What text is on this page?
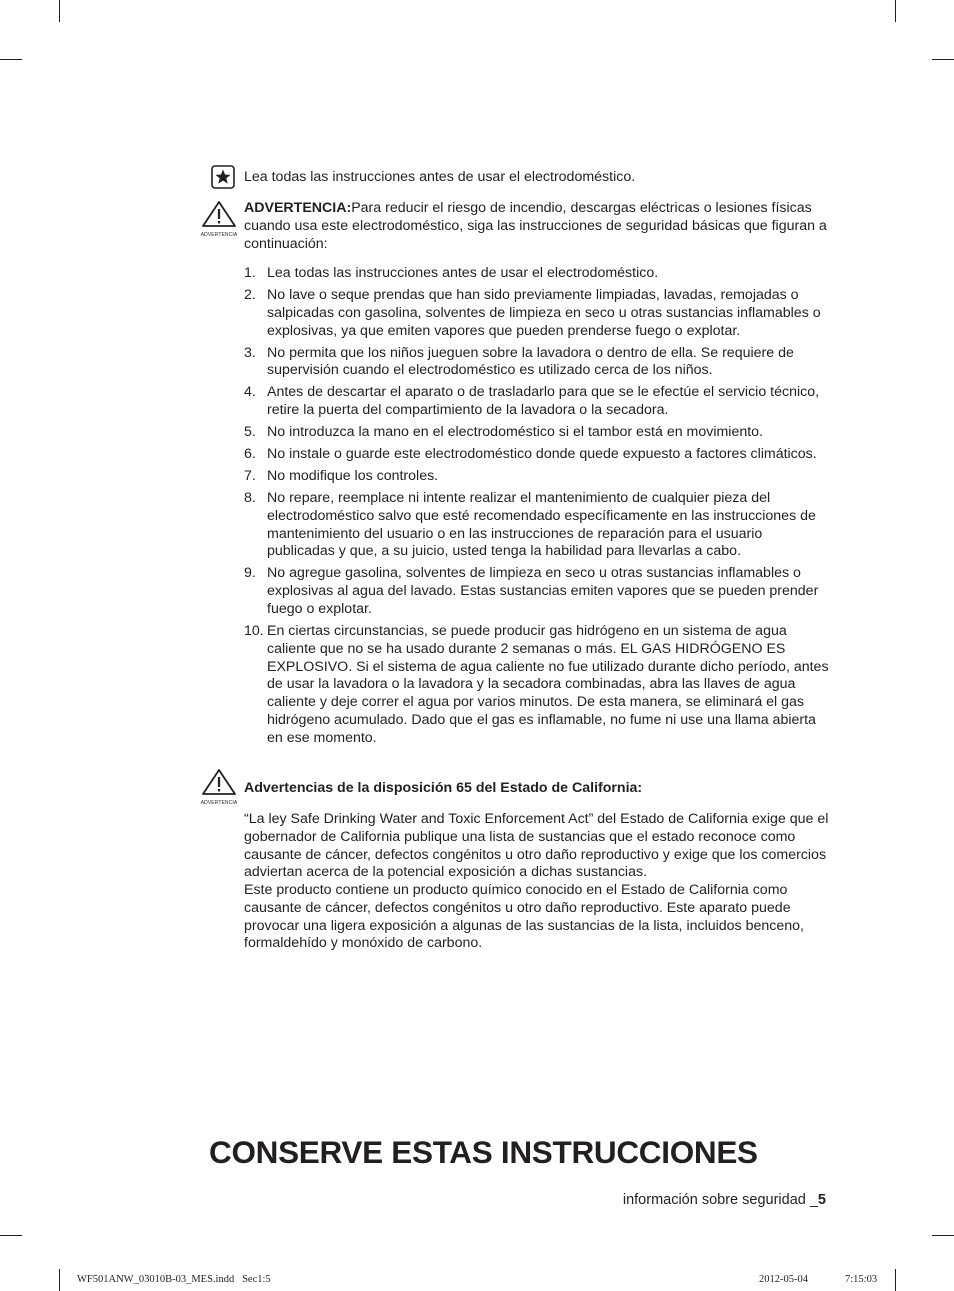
Lea todas las instrucciones antes de usar el electrodoméstico.
ADVERTENCIA
ADVERTENCIA:Para reducir el riesgo de incendio, descargas eléctricas o lesiones físicas cuando usa este electrodoméstico, siga las instrucciones de seguridad básicas que figuran a continuación:
1. Lea todas las instrucciones antes de usar el electrodoméstico.
2. No lave o seque prendas que han sido previamente limpiadas, lavadas, remojadas o salpicadas con gasolina, solventes de limpieza en seco u otras sustancias inflamables o explosivas, ya que emiten vapores que pueden prenderse fuego o explotar.
3. No permita que los niños jueguen sobre la lavadora o dentro de ella. Se requiere de supervisión cuando el electrodoméstico es utilizado cerca de los niños.
4. Antes de descartar el aparato o de trasladarlo para que se le efectúe el servicio técnico, retire la puerta del compartimiento de la lavadora o la secadora.
5. No introduzca la mano en el electrodoméstico si el tambor está en movimiento.
6. No instale o guarde este electrodoméstico donde quede expuesto a factores climáticos.
7. No modifique los controles.
8. No repare, reemplace ni intente realizar el mantenimiento de cualquier pieza del electrodoméstico salvo que esté recomendado específicamente en las instrucciones de mantenimiento del usuario o en las instrucciones de reparación para el usuario publicadas y que, a su juicio, usted tenga la habilidad para llevarlas a cabo.
9. No agregue gasolina, solventes de limpieza en seco u otras sustancias inflamables o explosivas al agua del lavado. Estas sustancias emiten vapores que se pueden prender fuego o explotar.
10. En ciertas circunstancias, se puede producir gas hidrógeno en un sistema de agua caliente que no se ha usado durante 2 semanas o más. EL GAS HIDRÓGENO ES EXPLOSIVO. Si el sistema de agua caliente no fue utilizado durante dicho período, antes de usar la lavadora o la lavadora y la secadora combinadas, abra las llaves de agua caliente y deje correr el agua por varios minutos. De esta manera, se eliminará el gas hidrógeno acumulado. Dado que el gas es inflamable, no fume ni use una llama abierta en ese momento.
ADVERTENCIA
Advertencias de la disposición 65 del Estado de California:
“La ley Safe Drinking Water and Toxic Enforcement Act” del Estado de California exige que el gobernador de California publique una lista de sustancias que el estado reconoce como causante de cáncer, defectos congénitos u otro daño reproductivo y exige que los comercios adviertan acerca de la potencial exposición a dichas sustancias.
Este producto contiene un producto químico conocido en el Estado de California como causante de cáncer, defectos congénitos u otro daño reproductivo. Este aparato puede provocar una ligera exposición a algunas de las sustancias de la lista, incluidos benceno, formaldehído y monóxido de carbono.
CONSERVE ESTAS INSTRUCCIONES
información sobre seguridad _5
WF501ANW_03010B-03_MES.indd   Sec1:5	2012-05-04	7:15:03
